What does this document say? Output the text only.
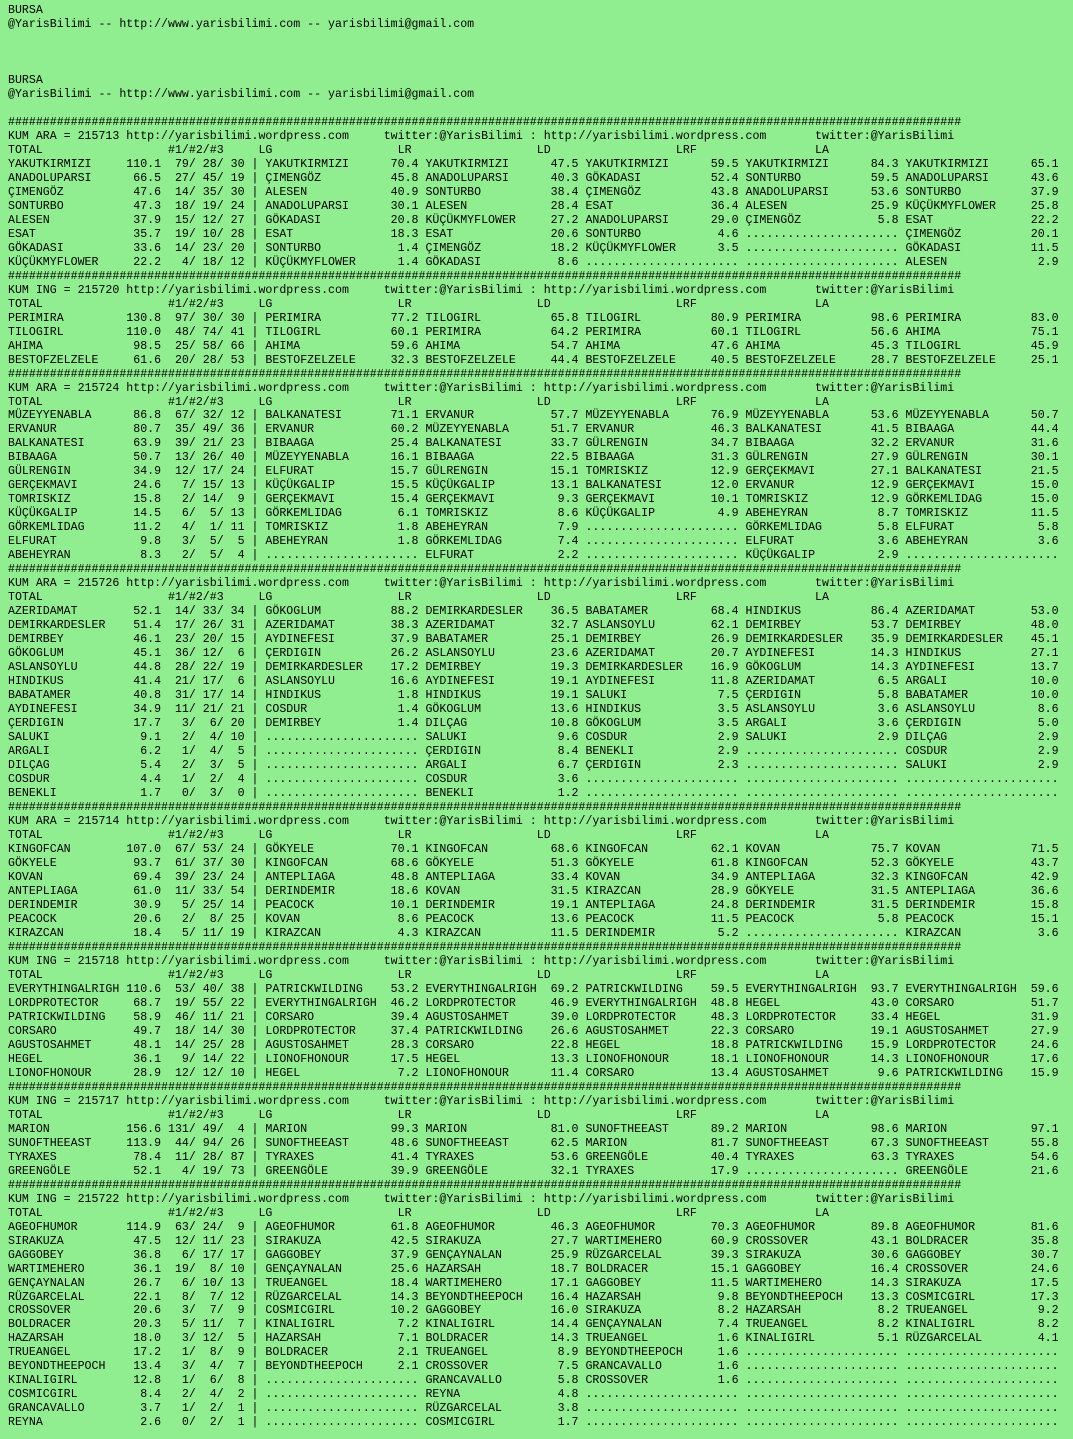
BURSA
@YarisBilimi -- http://www.yarisbilimi.com -- yarisbilimi@gmail.com
BURSA
@YarisBilimi -- http://www.yarisbilimi.com -- yarisbilimi@gmail.com
#########################################################################################################################################
KUM ARA = 215713 http://yarisbilimi.wordpress.com     twitter:@YarisBilimi : http://yarisbilimi.wordpress.com       twitter:@YarisBilimi
TOTAL                  #1/#2/#3     LG                  LR                  LD                  LRF                 LA
YAKUTKIRMIZI     110.1  79/ 28/ 30 | YAKUTKIRMIZI      70.4 YAKUTKIRMIZI      47.5 YAKUTKIRMIZI      59.5 YAKUTKIRMIZI      84.3 YAKUTKIRMIZI      65.1
ANADOLUPARSI      66.5  27/ 45/ 19 | ÇIMENGÖZ          45.8 ANADOLUPARSI      40.3 GÖKADASI          52.4 SONTURBO          59.5 ANADOLUPARSI      43.6
ÇIMENGÖZ          47.6  14/ 35/ 30 | ALESEN            40.9 SONTURBO          38.4 ÇIMENGÖZ          43.8 ANADOLUPARSI      53.6 SONTURBO          37.9
SONTURBO          47.3  18/ 19/ 24 | ANADOLUPARSI      30.1 ALESEN            28.4 ESAT              36.4 ALESEN            25.9 KÜÇÜKMYFLOWER     25.8
ALESEN            37.9  15/ 12/ 27 | GÖKADASI          20.8 KÜÇÜKMYFLOWER     27.2 ANADOLUPARSI      29.0 ÇIMENGÖZ           5.8 ESAT              22.2
ESAT              35.7  19/ 10/ 28 | ESAT              18.3 ESAT              20.6 SONTURBO           4.6 ...................... ÇIMENGÖZ          20.1
GÖKADASI          33.6  14/ 23/ 20 | SONTURBO           1.4 ÇIMENGÖZ          18.2 KÜÇÜKMYFLOWER      3.5 ...................... GÖKADASI          11.5
KÜÇÜKMYFLOWER     22.2   4/ 18/ 12 | KÜÇÜKMYFLOWER      1.4 GÖKADASI           8.6 ...................... ...................... ALESEN             2.9
#########################################################################################################################################
KUM ING = 215720 http://yarisbilimi.wordpress.com     twitter:@YarisBilimi : http://yarisbilimi.wordpress.com       twitter:@YarisBilimi
TOTAL                  #1/#2/#3     LG                  LR                  LD                  LRF                 LA
PERIMIRA         130.8  97/ 30/ 30 | PERIMIRA          77.2 TILOGIRL          65.8 TILOGIRL          80.9 PERIMIRA          98.6 PERIMIRA          83.0
TILOGIRL         110.0  48/ 74/ 41 | TILOGIRL          60.1 PERIMIRA          64.2 PERIMIRA          60.1 TILOGIRL          56.6 AHIMA             75.1
AHIMA             98.5  25/ 58/ 66 | AHIMA             59.6 AHIMA             54.7 AHIMA             47.6 AHIMA             45.3 TILOGIRL          45.9
BESTOFZELZELE     61.6  20/ 28/ 53 | BESTOFZELZELE     32.3 BESTOFZELZELE     44.4 BESTOFZELZELE     40.5 BESTOFZELZELE     28.7 BESTOFZELZELE     25.1
#########################################################################################################################################
KUM ARA = 215724 http://yarisbilimi.wordpress.com     twitter:@YarisBilimi : http://yarisbilimi.wordpress.com       twitter:@YarisBilimi
TOTAL                  #1/#2/#3     LG                  LR                  LD                  LRF                 LA
MÜZEYYENABLA      86.8  67/ 32/ 12 | BALKANATESI       71.1 ERVANUR           57.7 MÜZEYYENABLA      76.9 MÜZEYYENABLA      53.6 MÜZEYYENABLA      50.7
ERVANUR           80.7  35/ 49/ 36 | ERVANUR           60.2 MÜZEYYENABLA      51.7 ERVANUR           46.3 BALKANATESI       41.5 BIBAAGA           44.4
BALKANATESI       63.9  39/ 21/ 23 | BIBAAGA           25.4 BALKANATESI       33.7 GÜLRENGIN         34.7 BIBAAGA           32.2 ERVANUR           31.6
BIBAAGA           50.7  13/ 26/ 40 | MÜZEYYENABLA      16.1 BIBAAGA           22.5 BIBAAGA           31.3 GÜLRENGIN         27.9 GÜLRENGIN         30.1
GÜLRENGIN         34.9  12/ 17/ 24 | ELFURAT           15.7 GÜLRENGIN         15.1 TOMRISKIZ         12.9 GERÇEKMAVI        27.1 BALKANATESI       21.5
GERÇEKMAVI        24.6   7/ 15/ 13 | KÜÇÜKGALIP        15.5 KÜÇÜKGALIP        13.1 BALKANATESI       12.0 ERVANUR           12.9 GERÇEKMAVI        15.0
TOMRISKIZ         15.8   2/ 14/  9 | GERÇEKMAVI        15.4 GERÇEKMAVI         9.3 GERÇEKMAVI        10.1 TOMRISKIZ         12.9 GÖRKEMLIDAG       15.0
KÜÇÜKGALIP        14.5   6/  5/ 13 | GÖRKEMLIDAG        6.1 TOMRISKIZ          8.6 KÜÇÜKGALIP         4.9 ABEHEYRAN          8.7 TOMRISKIZ         11.5
GÖRKEMLIDAG       11.2   4/  1/ 11 | TOMRISKIZ          1.8 ABEHEYRAN          7.9 ...................... GÖRKEMLIDAG        5.8 ELFURAT            5.8
ELFURAT            9.8   3/  5/  5 | ABEHEYRAN          1.8 GÖRKEMLIDAG        7.4 ...................... ELFURAT            3.6 ABEHEYRAN          3.6
ABEHEYRAN          8.3   2/  5/  4 | ...................... ELFURAT            2.2 ...................... KÜÇÜKGALIP         2.9 ......................
#########################################################################################################################################
KUM ARA = 215726 http://yarisbilimi.wordpress.com     twitter:@YarisBilimi : http://yarisbilimi.wordpress.com       twitter:@YarisBilimi
TOTAL                  #1/#2/#3     LG                  LR                  LD                  LRF                 LA
AZERIDAMAT        52.1  14/ 33/ 34 | GÖKOGLUM          88.2 DEMIRKARDESLER    36.5 BABATAMER         68.4 HINDIKUS          86.4 AZERIDAMAT        53.0
DEMIRKARDESLER    51.4  17/ 26/ 31 | AZERIDAMAT        38.3 AZERIDAMAT        32.7 ASLANSOYLU        62.1 DEMIRBEY          53.7 DEMIRBEY          48.0
DEMIRBEY          46.1  23/ 20/ 15 | AYDINEFESI        37.9 BABATAMER         25.1 DEMIRBEY          26.9 DEMIRKARDESLER    35.9 DEMIRKARDESLER    45.1
GÖKOGLUM          45.1  36/ 12/  6 | ÇERDIGIN          26.2 ASLANSOYLU        23.6 AZERIDAMAT        20.7 AYDINEFESI        14.3 HINDIKUS          27.1
ASLANSOYLU        44.8  28/ 22/ 19 | DEMIRKARDESLER    17.2 DEMIRBEY          19.3 DEMIRKARDESLER    16.9 GÖKOGLUM          14.3 AYDINEFESI        13.7
HINDIKUS          41.4  21/ 17/  6 | ASLANSOYLU        16.6 AYDINEFESI        19.1 AYDINEFESI        11.8 AZERIDAMAT         6.5 ARGALI            10.0
BABATAMER         40.8  31/ 17/ 14 | HINDIKUS           1.8 HINDIKUS          19.1 SALUKI             7.5 ÇERDIGIN           5.8 BABATAMER         10.0
AYDINEFESI        34.9  11/ 21/ 21 | COSDUR             1.4 GÖKOGLUM          13.6 HINDIKUS           3.5 ASLANSOYLU         3.6 ASLANSOYLU         8.6
ÇERDIGIN          17.7   3/  6/ 20 | DEMIRBEY           1.4 DILÇAG            10.8 GÖKOGLUM           3.5 ARGALI             3.6 ÇERDIGIN           5.0
SALUKI             9.1   2/  4/ 10 | ...................... SALUKI             9.6 COSDUR             2.9 SALUKI             2.9 DILÇAG             2.9
ARGALI             6.2   1/  4/  5 | ...................... ÇERDIGIN           8.4 BENEKLI            2.9 ...................... COSDUR             2.9
DILÇAG             5.4   2/  3/  5 | ...................... ARGALI             6.7 ÇERDIGIN           2.3 ...................... SALUKI             2.9
COSDUR             4.4   1/  2/  4 | ...................... COSDUR             3.6 ...................... ...................... ......................
BENEKLI            1.7   0/  3/  0 | ...................... BENEKLI            1.2 ...................... ...................... ......................
#########################################################################################################################################
KUM ARA = 215714 http://yarisbilimi.wordpress.com     twitter:@YarisBilimi : http://yarisbilimi.wordpress.com       twitter:@YarisBilimi
TOTAL                  #1/#2/#3     LG                  LR                  LD                  LRF                 LA
KINGOFCAN        107.0  67/ 53/ 24 | GÖKYELE           70.1 KINGOFCAN         68.6 KINGOFCAN         62.1 KOVAN             75.7 KOVAN             71.5
GÖKYELE           93.7  61/ 37/ 30 | KINGOFCAN         68.6 GÖKYELE           51.3 GÖKYELE           61.8 KINGOFCAN         52.3 GÖKYELE           43.7
KOVAN             69.4  39/ 23/ 24 | ANTEPLIAGA        48.8 ANTEPLIAGA        33.4 KOVAN             34.9 ANTEPLIAGA        32.3 KINGOFCAN         42.9
ANTEPLIAGA        61.0  11/ 33/ 54 | DERINDEMIR        18.6 KOVAN             31.5 KIRAZCAN          28.9 GÖKYELE           31.5 ANTEPLIAGA        36.6
DERINDEMIR        30.9   5/ 25/ 14 | PEACOCK           10.1 DERINDEMIR        19.1 ANTEPLIAGA        24.8 DERINDEMIR        31.5 DERINDEMIR        15.8
PEACOCK           20.6   2/  8/ 25 | KOVAN              8.6 PEACOCK           13.6 PEACOCK           11.5 PEACOCK            5.8 PEACOCK           15.1
KIRAZCAN          18.4   5/ 11/ 19 | KIRAZCAN           4.3 KIRAZCAN          11.5 DERINDEMIR         5.2 ...................... KIRAZCAN           3.6
#########################################################################################################################################
KUM ING = 215718 http://yarisbilimi.wordpress.com     twitter:@YarisBilimi : http://yarisbilimi.wordpress.com       twitter:@YarisBilimi
TOTAL                  #1/#2/#3     LG                  LR                  LD                  LRF                 LA
EVERYTHINGALRIGH 110.6  53/ 40/ 38 | PATRICKWILDING    53.2 EVERYTHINGALRIGH  69.2 PATRICKWILDING    59.5 EVERYTHINGALRIGH  93.7 EVERYTHINGALRIGH  59.6
LORDPROTECTOR     68.7  19/ 55/ 22 | EVERYTHINGALRIGH  46.2 LORDPROTECTOR     46.9 EVERYTHINGALRIGH  48.8 HEGEL             43.0 CORSARO           51.7
PATRICKWILDING    58.9  46/ 11/ 21 | CORSARO           39.4 AGUSTOSAHMET      39.0 LORDPROTECTOR     48.3 LORDPROTECTOR     33.4 HEGEL             31.9
CORSARO           49.7  18/ 14/ 30 | LORDPROTECTOR     37.4 PATRICKWILDING    26.6 AGUSTOSAHMET      22.3 CORSARO           19.1 AGUSTOSAHMET      27.9
AGUSTOSAHMET      48.1  14/ 25/ 28 | AGUSTOSAHMET      28.3 CORSARO           22.8 HEGEL             18.8 PATRICKWILDING    15.9 LORDPROTECTOR     24.6
HEGEL             36.1   9/ 14/ 22 | LIONOFHONOUR      17.5 HEGEL             13.3 LIONOFHONOUR      18.1 LIONOFHONOUR      14.3 LIONOFHONOUR      17.6
LIONOFHONOUR      28.9  12/ 12/ 10 | HEGEL              7.2 LIONOFHONOUR      11.4 CORSARO           13.4 AGUSTOSAHMET       9.6 PATRICKWILDING    15.9
#########################################################################################################################################
KUM ING = 215717 http://yarisbilimi.wordpress.com     twitter:@YarisBilimi : http://yarisbilimi.wordpress.com       twitter:@YarisBilimi
TOTAL                  #1/#2/#3     LG                  LR                  LD                  LRF                 LA
MARION           156.6 131/ 49/  4 | MARION            99.3 MARION            81.0 SUNOFTHEEAST      89.2 MARION            98.6 MARION            97.1
SUNOFTHEEAST     113.9  44/ 94/ 26 | SUNOFTHEEAST      48.6 SUNOFTHEEAST      62.5 MARION            81.7 SUNOFTHEEAST      67.3 SUNOFTHEEAST      55.8
TYRAXES           78.4  11/ 28/ 87 | TYRAXES           41.4 TYRAXES           53.6 GREENGÖLE         40.4 TYRAXES           63.3 TYRAXES           54.6
GREENGÖLE         52.1   4/ 19/ 73 | GREENGÖLE         39.9 GREENGÖLE         32.1 TYRAXES           17.9 ...................... GREENGÖLE         21.6
#########################################################################################################################################
KUM ING = 215722 http://yarisbilimi.wordpress.com     twitter:@YarisBilimi : http://yarisbilimi.wordpress.com       twitter:@YarisBilimi
TOTAL                  #1/#2/#3     LG                  LR                  LD                  LRF                 LA
AGEOFHUMOR       114.9  63/ 24/  9 | AGEOFHUMOR        61.8 AGEOFHUMOR        46.3 AGEOFHUMOR        70.3 AGEOFHUMOR        89.8 AGEOFHUMOR        81.6
SIRAKUZA          47.5  12/ 11/ 23 | SIRAKUZA          42.5 SIRAKUZA          27.7 WARTIMEHERO       60.9 CROSSOVER         43.1 BOLDRACER         35.8
GAGGOBEY          36.8   6/ 17/ 17 | GAGGOBEY          37.9 GENÇAYNALAN       25.9 RÜZGARCELAL       39.3 SIRAKUZA          30.6 GAGGOBEY          30.7
WARTIMEHERO       36.1  19/  8/ 10 | GENÇAYNALAN       25.6 HAZARSAH          18.7 BOLDRACER         15.1 GAGGOBEY          16.4 CROSSOVER         24.6
GENÇAYNALAN       26.7   6/ 10/ 13 | TRUEANGEL         18.4 WARTIMEHERO       17.1 GAGGOBEY          11.5 WARTIMEHERO       14.3 SIRAKUZA          17.5
RÜZGARCELAL       22.1   8/  7/ 12 | RÜZGARCELAL       14.3 BEYONDTHEEPOCH    16.4 HAZARSAH           9.8 BEYONDTHEEPOCH    13.3 COSMICGIRL        17.3
CROSSOVER         20.6   3/  7/  9 | COSMICGIRL        10.2 GAGGOBEY          16.0 SIRAKUZA           8.2 HAZARSAH           8.2 TRUEANGEL          9.2
BOLDRACER         20.3   5/ 11/  7 | KINALIGIRL         7.2 KINALIGIRL        14.4 GENÇAYNALAN        7.4 TRUEANGEL          8.2 KINALIGIRL         8.2
HAZARSAH          18.0   3/ 12/  5 | HAZARSAH           7.1 BOLDRACER         14.3 TRUEANGEL          1.6 KINALIGIRL         5.1 RÜZGARCELAL        4.1
TRUEANGEL         17.2   1/  8/  9 | BOLDRACER          2.1 TRUEANGEL          8.9 BEYONDTHEEPOCH     1.6 ...................... ......................
BEYONDTHEEPOCH    13.4   3/  4/  7 | BEYONDTHEEPOCH     2.1 CROSSOVER          7.5 GRANCAVALLO        1.6 ...................... ......................
KINALIGIRL        12.8   1/  6/  8 | ...................... GRANCAVALLO        5.8 CROSSOVER          1.6 ...................... ......................
COSMICGIRL         8.4   2/  4/  2 | ...................... REYNA              4.8 ...................... ...................... ......................
GRANCAVALLO        3.7   1/  2/  1 | ...................... RÜZGARCELAL        3.8 ...................... ...................... ......................
REYNA              2.6   0/  2/  1 | ...................... COSMICGIRL         1.7 ...................... ...................... ......................
